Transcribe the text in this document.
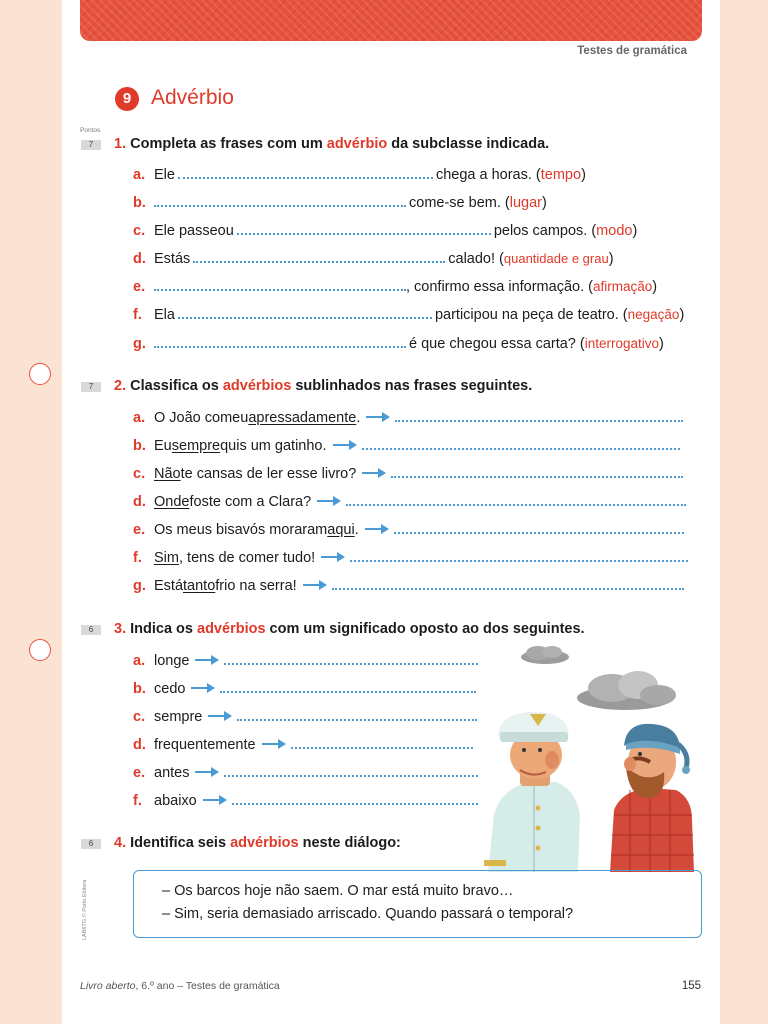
Testes de gramática
9 Advérbio
Pontos
7	1. Completa as frases com um advérbio da subclasse indicada.
a. Ele	chega a horas. ( tempo )
b.	come-se bem. ( lugar )
c. Ele passeou	pelos campos. ( modo )
d. Estás	calado! ( quantidade e grau )
e.	, confirmo essa informação. ( afirmação )
f. Ela	participou na peça de teatro. ( negação )
g.	é que chegou essa carta? ( interrogativo )
7	2. Classifica os advérbios sublinhados nas frases seguintes.
a. O João comeu apressadamente .
b. Eu sempre quis um gatinho.
c. Não te cansas de ler esse livro?
d. Onde foste com a Clara?
e. Os meus bisavós moraram aqui .
f. Sim , tens de comer tudo!
g. Está tanto frio na serra!
6	3. Indica os advérbios com um significado oposto ao dos seguintes.
a. longe
b. cedo
c. sempre
d. frequentemente
e. antes
f. abaixo
6	4. Identifica seis advérbios neste diálogo:
– Os barcos hoje não saem. O mar está muito bravo…
– Sim, seria demasiado arriscado. Quando passará o temporal?
LAB6TG © Porto Editora
Livro aberto, 6.º ano – Testes de gramática	155
